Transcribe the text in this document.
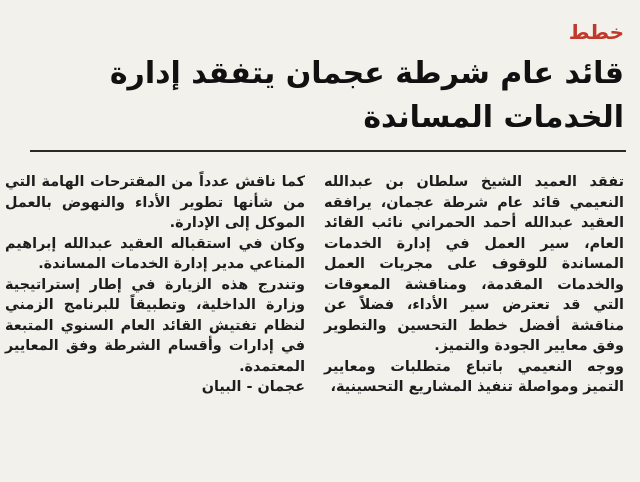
خطط
قائد عام شرطة عجمان يتفقد إدارة الخدمات المساندة

تفقد العميد الشيخ سلطان بن عبدالله النعيمي قائد عام شرطة عجمان، يرافقه العقيد عبدالله أحمد الحمراني نائب القائد العام، سير العمل في إدارة الخدمات المساندة للوقوف على مجريات العمل والخدمات المقدمة، ومناقشة المعوقات التي قد تعترض سير الأداء، فضلاً عن مناقشة أفضل خطط التحسين والتطوير وفق معايير الجودة والتميز.

ووجه النعيمي باتباع متطلبات ومعايير التميز ومواصلة تنفيذ المشاريع التحسينية،

كما ناقش عدداً من المقترحات الهامة التي من شأنها تطوير الأداء والنهوض بالعمل الموكل إلى الإدارة.

وكان في استقباله العقيد عبدالله إبراهيم المناعي مدير إدارة الخدمات المساندة.

وتندرج هذه الزيارة في إطار إستراتيجية وزارة الداخلية، وتطبيقاً للبرنامج الزمني لنظام تفتيش القائد العام السنوي المتبعة في إدارات وأقسام الشرطة وفق المعايير المعتمدة.

عجمان - البيان
